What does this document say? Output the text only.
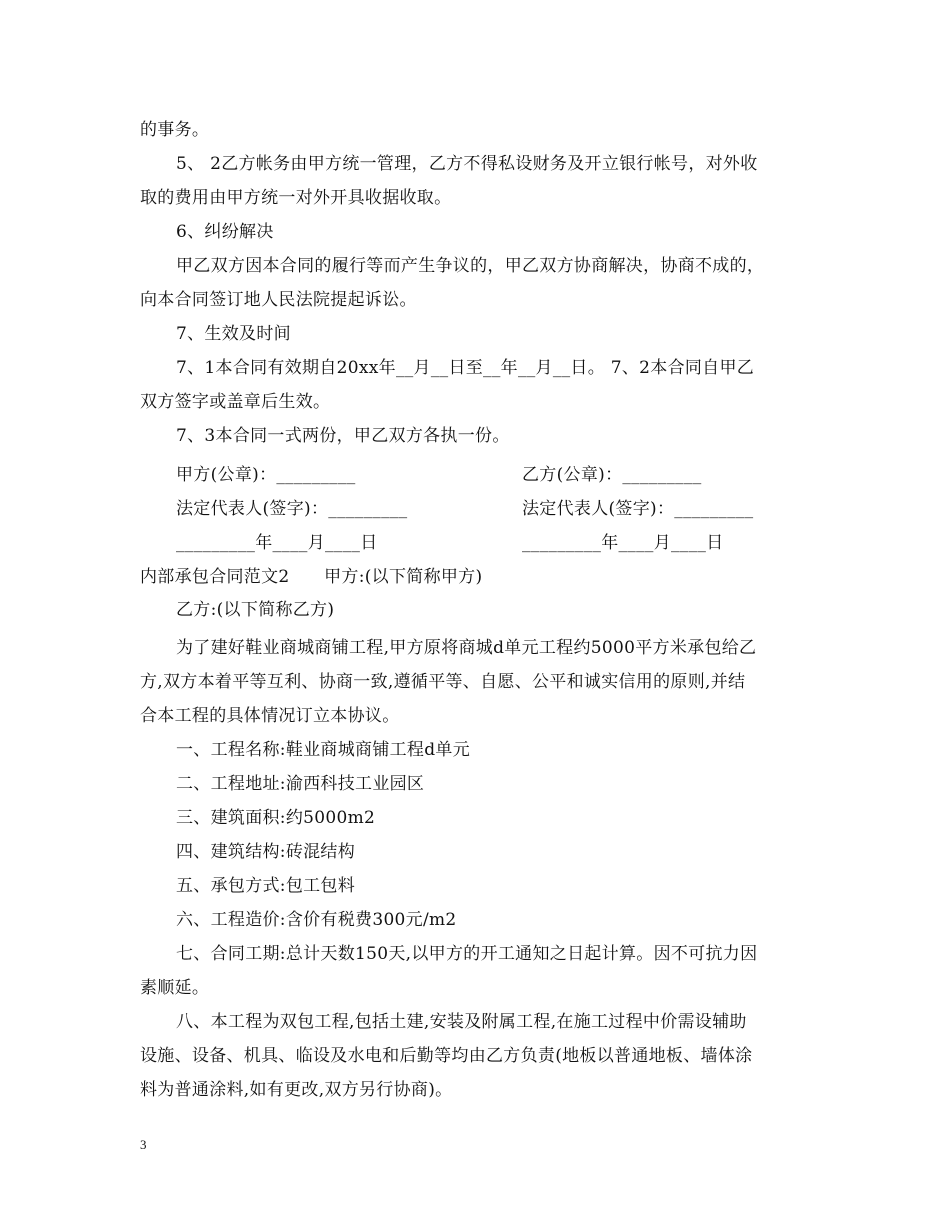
的事务。
5、 2乙方帐务由甲方统一管理，乙方不得私设财务及开立银行帐号，对外收
取的费用由甲方统一对外开具收据收取。
6、纠纷解决
甲乙双方因本合同的履行等而产生争议的，甲乙双方协商解决，协商不成的，
向本合同签订地人民法院提起诉讼。
7、生效及时间
7、1本合同有效期自20xx年__月__日至__年__月__日。 7、2本合同自甲乙
双方签字或盖章后生效。
7、3本合同一式两份，甲乙双方各执一份。
甲方(公章)：_________	乙方(公章)：_________
法定代表人(签字)：_________	法定代表人(签字)：_________
_________年____月____日	_________年____月____日
内部承包合同范文2　　甲方:(以下简称甲方)
乙方:(以下简称乙方)
为了建好鞋业商城商铺工程,甲方原将商城d单元工程约5000平方米承包给乙
方,双方本着平等互利、协商一致,遵循平等、自愿、公平和诚实信用的原则,并结
合本工程的具体情况订立本协议。
一、工程名称:鞋业商城商铺工程d单元
二、工程地址:渝西科技工业园区
三、建筑面积:约5000m2
四、建筑结构:砖混结构
五、承包方式:包工包料
六、工程造价:含价有税费300元/m2
七、合同工期:总计天数150天,以甲方的开工通知之日起计算。因不可抗力因
素顺延。
八、本工程为双包工程,包括土建,安装及附属工程,在施工过程中价需设辅助
设施、设备、机具、临设及水电和后勤等均由乙方负责(地板以普通地板、墙体涂
料为普通涂料,如有更改,双方另行协商)。
3
